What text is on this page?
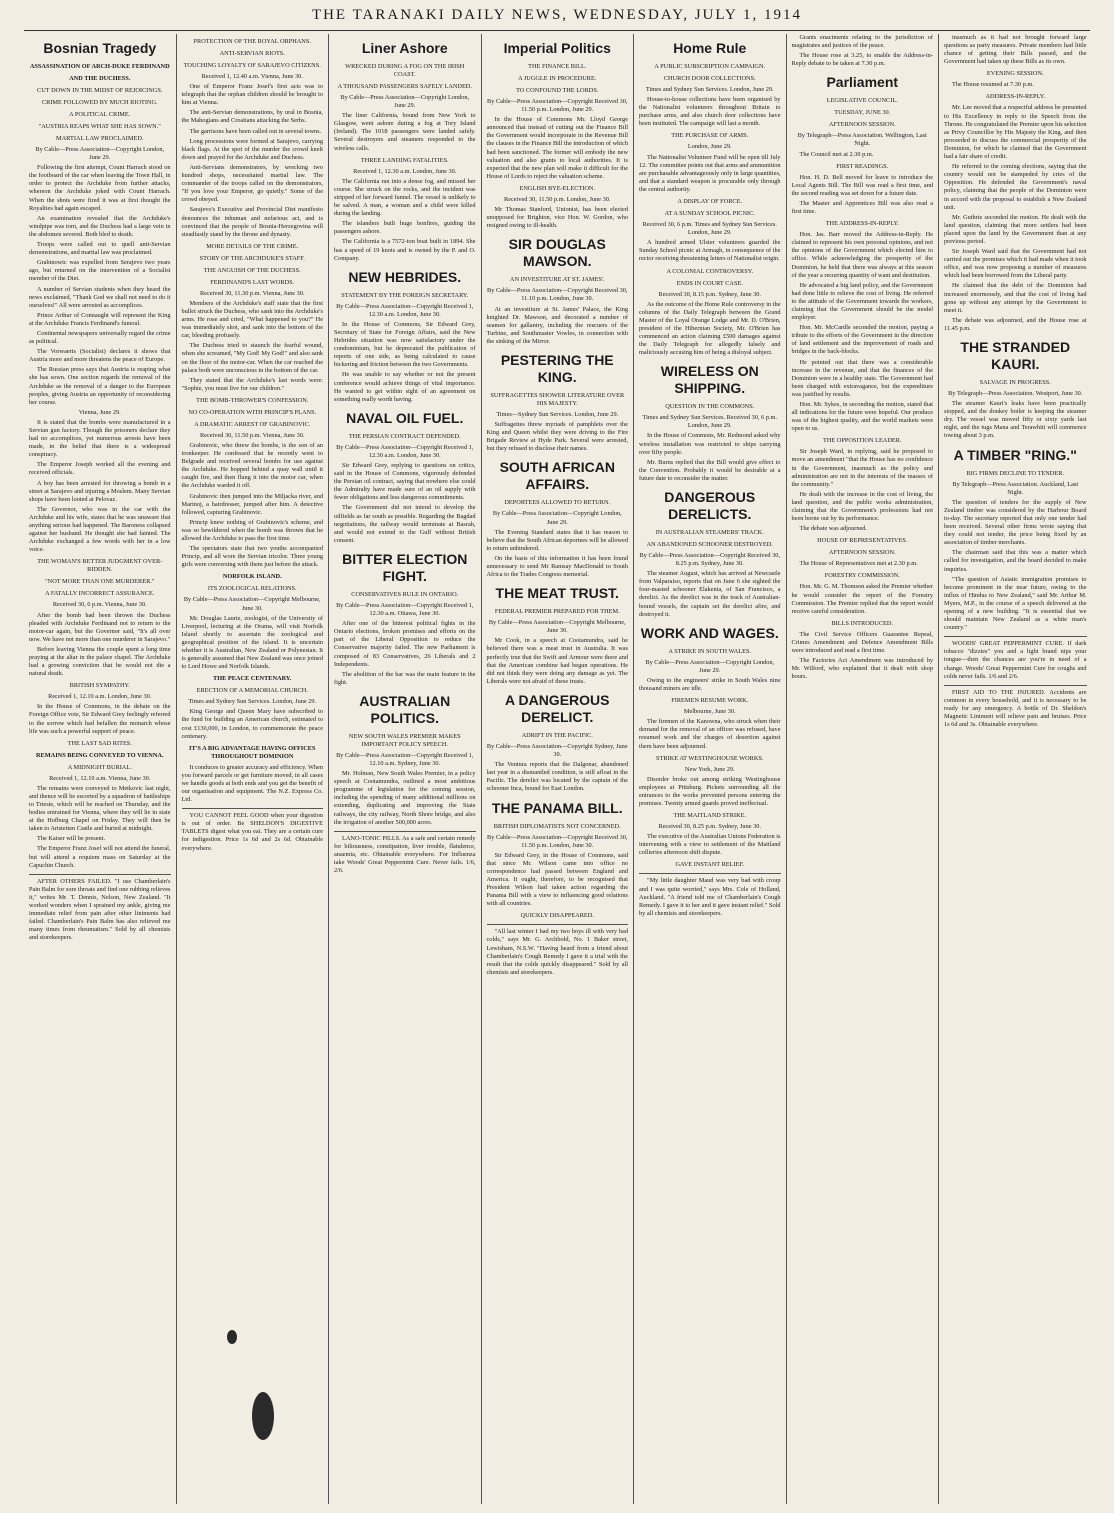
THE TARANAKI DAILY NEWS, WEDNESDAY, JULY 1, 1914
Bosnian Tragedy
ASSASSINATION OF ARCH-DUKE FERDINAND
AND THE DUCHESS.
CUT DOWN IN THE MIDST OF REJOICINGS.
CRIME FOLLOWED BY MUCH RIOTING.
A POLITICAL CRIME.
"AUSTRIA REAPS WHAT SHE HAS SOWN."
MARTIAL LAW PROCLAIMED.
By Cable—Press Association—Copyright London, June 29.

Following the first attempt, Count Harrach stood on the footboard of the car when leaving the Town Hall, in order to protect the Archduke from further attacks, whereon the Archduke joked with Count Harrach. When the shots were fired it was at first thought the Royalties had again escaped.

An examination revealed that the Archduke's windpipe was torn, and the Duchess had a large vein in the abdomen severed. Both bled to death.

Troops were called out to quell anti-Servian demonstrations, and martial law was proclaimed.

Grabinowic was expelled from Serajevo two years ago, but returned on the intervention of a Socialist member of the Diet.

A number of Servian students when they heard the news exclaimed, "Thank God we shall not need to do it ourselves!" All were arrested as accomplices.

Prince Arthur of Connaught will represent the King at the Archduke Francis Ferdinand's funeral.

Continental newspapers universally regard the crime as political.

The Vorwaerts (Socialist) declares it shows that Austria more and more threatens the peace of Europe.

The Russian press says that Austria is reaping what she has sown. One section regards the removal of the Archduke as the removal of a danger to the European peoples, giving Austria an opportunity of reconsidering her course.

Vienna, June 29.

It is stated that the bombs were manufactured in a Servian gun factory. Though the prisoners declare they had no accomplices, yet numerous arrests have been made, in the belief that there is a widespread conspiracy.

The Emperor Joseph worked all the evening and received officials.

A boy has been arrested for throwing a bomb in a street at Sarajevo and injuring a Moslem. Many Servian shops have been looted at Pelovaz.

The Governor, who was in the car with the Archduke and his wife, states that he was unaware that anything serious had happened. The Baroness collapsed against her husband. He thought she had fainted. The Archduke exchanged a few words with her in a low voice.

THE WOMAN'S BETTER JUDGMENT OVER-RIDDEN.
"NOT MORE THAN ONE MURDERER."
A FATALLY INCORRECT ASSURANCE.
Received 30, 6 p.m. Vienna, June 30.

After the bomb had been thrown the Duchess pleaded with Archduke Ferdinand not to return to the motor-car again, but the Governor said, "It's all over now. We have not more than one murderer in Sarajevo."

Before leaving Vienna the couple spent a long time praying at the altar in the palace chapel. The Archduke had a growing conviction that he would not die a natural death.

BRITISH SYMPATHY.
Received 1, 12.10 a.m. London, June 30.

In the House of Commons, in the debate on the Foreign Office vote, Sir Edward Grey feelingly referred to the sorrow which had befallen the monarch whose life was such a powerful support of peace.

THE LAST SAD RITES.
REMAINS BEING CONVEYED TO VIENNA.
A MIDNIGHT BURIAL.
Received 1, 12.10 a.m. Vienna, June 30.

The remains were conveyed to Metkovic last night, and thence will be escorted by a squadron of battleships to Trieste, which will be reached on Thursday, and the bodies entrained for Vienna, where they will lie in state at the Hofburg Chapel on Friday. They will then be taken to Artstetten Castle and buried at midnight.

The Kaiser will be present.

The Emperor Franz Josef will not attend the funeral, but will attend a requiem mass on Saturday at the Capuchin Church.

AFTER OTHERS FAILED. "I use Chamberlain's Pain Balm for sore throats and find one rubbing relieves it," writes Mr. T. Dennis, Nelson, New Zealand. "It worked wonders when I sprained my ankle, giving me immediate relief from pain after other liniments had failed. Chamberlain's Pain Balm has also relieved me many times from rheumatism." Sold by all chemists and storekeepers.

PROTECTION OF THE ROYAL ORPHANS.
ANTI-SERVIAN RIOTS.
TOUCHING LOYALTY OF SARAJEVO CITIZENS.
Received 1, 12.40 a.m. Vienna, June 30.

One of Emperor Franz Josef's first acts was to telegraph that the orphan children should be brought to him at Vienna.

The anti-Servian demonstrations, by ural in Bosnia, the Mahogians and Croatians attacking the Serbs.

The garrisons have been called out in several towns.

Long processions were formed at Sarajevo, carrying black flags. At the spot of the murder the crowd knelt down and prayed for the Archduke and Duchess.

Anti-Servians demonstrators, by wrecking two hundred shops, necessitated martial law. The commander of the troops called on the demonstrators, "If you love your Emperor, go quietly." Some of the crowd obeyed.

Sarajevo's Executive and Provincial Diet manifesto denounces the inhuman and nefarious act, and is convinced that the people of Bosnia-Herzegovina will steadfastly stand by the throne and dynasty.

MORE DETAILS OF THE CRIME.
STORY OF THE ARCHDUKE'S STAFF.
THE ANGUISH OF THE DUCHESS.
FERDINAND'S LAST WORDS.
Received 30, 11.30 p.m. Vienna, June 30.

Members of the Archduke's staff state that the first bullet struck the Duchess, who sank into the Archduke's arms. He rose and cried, "What happened to you?" He was immediately shot, and sank into the bottom of the car, bleeding profusely.

The Duchess tried to staunch the fearful wound, when she screamed, "My God! My God!" and also sank on the floor of the motor-car. When the car reached the palace both were unconscious in the bottom of the car.

They stated that the Archduke's last words were: "Sophie, you must live for our children."

THE BOMB-THROWER'S CONFESSION.
NO CO-OPERATION WITH PRINCIP'S PLANS.
A DRAMATIC ARREST OF GRABINOVIC.
Received 30, 11.50 p.m. Vienna, June 30.

Grabinovic, who threw the bombs, is the son of an ironkeeper. He confessed that he recently went to Belgrade and received several bombs for use against the Archduke. He hopped behind a quay wall until it caught fire, and then flung it into the motor car, when the Archduke warded it off.

Grabinovic then jumped into the Miljacka river, and Marinoj, a hairdresser, jumped after him. A detective followed, capturing Grabinovic.

Princip knew nothing of Grabinovic's scheme, and was so bewildered when the bomb was thrown that he allowed the Archduke to pass the first time.

The spectators state that two youths accompanied Princip, and all wore the Servian tricolor. Three young girls were conversing with them just before the attack.

NORFOLK ISLAND.
ITS ZOOLOGICAL RELATIONS.
By Cable—Press Association—Copyright Melbourne, June 30.

Mr. Douglas Laurie, zoologist, of the University of Liverpool, lecturing at the Orama, will visit Norfolk Island shortly to ascertain the zoological and geographical position of the island. It is uncertain whether it is Australian, New Zealand or Polynesian. It is generally assumed that New Zealand was once joined to Lord Howe and Norfolk Islands.

THE PEACE CENTENARY.
ERECTION OF A MEMORIAL CHURCH.
Times and Sydney Sun Services. London, June 29.

King George and Queen Mary have subscribed to the fund for building an American church, estimated to cost £130,000, in London, to commemorate the peace centenary.

IT'S A BIG ADVANTAGE HAVING OFFICES THROUGHOUT DOMINION

It conduces to greater accuracy and efficiency. When you forward parcels or get furniture moved, in all cases we handle goods at both ends and you get the benefit of our organisation and equipment. The N.Z. Express Co. Ltd.

YOU CANNOT FEEL GOOD when your digestion is out of order. Be SHELDON'S DIGESTIVE TABLETS digest what you eat. They are a certain cure for indigestion. Price 1s 6d and 2s 6d. Obtainable everywhere.

Liner Ashore
WRECKED DURING A FOG ON THE IRISH COAST.
A THOUSAND PASSENGERS SAFELY LANDED.
By Cable—Press Association—Copyright London, June 29.

The liner California, bound from New York to Glasgow, went ashore during a fog at Tory Island (Ireland). The 1018 passengers were landed safely. Several destroyers and steamers responded to the wireless calls.

THREE LANDING FATALITIES.
Received 1, 12.30 a.m. London, June 30.

The California ran into a dense fog, and missed her course. She struck on the rocks, and the incident was stripped of her forward funnel. The vessel is unlikely to be salved. A man, a woman and a child were killed during the landing.

The islanders built huge bonfires, guiding the passengers ashore.

The California is a 7572-ton boat built in 1894. She has a speed of 19 knots and is owned by the P. and O. Company.

NEW HEBRIDES.
STATEMENT BY THE FOREIGN SECRETARY.
By Cable—Press Association—Copyright Received 1, 12.30 a.m. London, June 30.

In the House of Commons, Sir Edward Grey, Secretary of State for Foreign Affairs, said the New Hebrides situation was now satisfactory under the condominium, but he deprecated the publication of reports of one side, as being calculated to cause bickering and friction between the two Governments.

He was unable to say whether or not the present conference would achieve things of vital importance. He wanted to get within sight of an agreement on something really worth having.

NAVAL OIL FUEL.
THE PERSIAN CONTRACT DEFENDED.
By Cable—Press Association—Copyright Received 1, 12.30 a.m. London, June 30.

Sir Edward Grey, replying to questions on critics, said in the House of Commons, vigorously defended the Persian oil contract, saying that nowhere else could the Admiralty have made sure of an oil supply with fewer obligations and less dangerous commitments.

The Government did not intend to develop the oilfields as far south as possible. Regarding the Bagdad negotiations, the railway would terminate at Basrah, and would not extend to the Gulf without British consent.

BITTER ELECTION FIGHT.
CONSERVATIVES RULE IN ONTARIO.
By Cable—Press Association—Copyright Received 1, 12.30 a.m. Ottawa, June 30.

After one of the bitterest political fights in the Ontario elections, broken promises and efforts on the part of the Liberal Opposition to reduce the Conservative majority failed. The new Parliament is composed of 83 Conservatives, 26 Liberals and 2 Independents.

The abolition of the bar was the main feature in the fight.

AUSTRALIAN POLITICS.
NEW SOUTH WALES PREMIER MAKES IMPORTANT POLICY SPEECH.
By Cable—Press Association—Copyright Received 1, 12.10 a.m. Sydney, June 30.

Mr. Holman, New South Wales Premier, in a policy speech at Cootamundra, outlined a most ambitious programme of legislation for the coming session, including the spending of many additional millions on extending, duplicating and improving the State railways, the city railway, North Shore bridge, and also the irrigation of another 500,000 acres.

LANO-TONIC PILLS. As a safe and certain remedy for biliousness, constipation, liver trouble, flatulence, anaemia, etc. Obtainable everywhere. For Influenza take Woods' Great Peppermint Cure. Never fails. 1/6, 2/6.

Imperial Politics
THE FINANCE BILL.
A JUGGLE IN PROCEDURE.
TO CONFOUND THE LORDS.
By Cable—Press Association—Copyright Received 30, 11.50 p.m. London, June 29.

In the House of Commons Mr. Lloyd George announced that instead of cutting out the Finance Bill the Government would incorporate in the Revenue Bill the clauses in the Finance Bill the introduction of which had been sanctioned. The former will embody the new valuation and also grants to local authorities. It is expected that the new plan will make it difficult for the House of Lords to reject the valuation scheme.

ENGLISH BYE-ELECTION.
Received 30, 11.50 p.m. London, June 30.

Mr Thomas Stanford, Unionist, has been elected unopposed for Brighton, vice Hon. W. Gordon, who resigned owing to ill-health.

SIR DOUGLAS MAWSON.
AN INVESTITURE AT ST. JAMES'.
By Cable—Press Association—Copyright Received 30, 11.10 p.m. London, June 30.

At an investiture at St. James' Palace, the King knighted Dr. Mawson, and decorated a number of seamen for gallantry, including the rescuers of the Turbine, and Southmaster Vowles, in connection with the sinking of the Mirror.

PESTERING THE KING.
SUFFRAGETTES SHOWER LITERATURE OVER HIS MAJESTY.
Times—Sydney Sun Services. London, June 29.

Suffragettes threw myriads of pamphlets over the King and Queen whilst they were driving to the Fire Brigade Review at Hyde Park. Several were arrested, but they refused to disclose their names.

SOUTH AFRICAN AFFAIRS.
DEPORTEES ALLOWED TO RETURN.
By Cable—Press Association—Copyright London, June 29.

The Evening Standard states that it has reason to believe that the South African deportees will be allowed to return unhindered.

On the basis of this information it has been found unnecessary to send Mr Ramsay MacDonald to South Africa to the Trades Congress memorial.

THE MEAT TRUST.
FEDERAL PREMIER PREPARED FOR THEM.
By Cable—Press Association—Copyright Melbourne, June 30.

Mr Cook, in a speech at Cootamundra, said he believed there was a meat trust in Australia. It was perfectly true that the Swift and Armour were there and that the American combine had begun operations. He did not think they were doing any damage as yet. The Liberals were not afraid of these trusts.

A DANGEROUS DERELICT.
ADRIFT IN THE PACIFIC.
By Cable—Press Association—Copyright Sydney, June 30.

The Ventura reports that the Dalgonar, abandoned last year in a dismantled condition, is still afloat in the Pacific. The derelict was located by the captain of the schooner Inca, bound for East London.

THE PANAMA BILL.
BRITISH DIPLOMATISTS NOT CONCERNED.
By Cable—Press Association—Copyright Received 30, 11.50 p.m. London, June 30.

Sir Edward Grey, in the House of Commons, said that since Mr. Wilson came into office no correspondence had passed between England and America. It ought, therefore, to be recognised that President Wilson had taken action regarding the Panama Bill with a view to influencing good relations with all countries.

QUICKLY DISAPPEARED.

"All last winter I had my two boys ill with very bad colds," says Mr. G. Archbold, No. 1 Baker street, Lewisham, N.S.W. "Having heard from a friend about Chamberlain's Cough Remedy I gave it a trial with the result that the colds quickly disappeared." Sold by all chemists and storekeepers.

Home Rule
A PUBLIC SUBSCRIPTION CAMPAIGN.
CHURCH DOOR COLLECTIONS.
Times and Sydney Sun Services. London, June 29.

House-to-house collections have been organised by the Nationalist volunteers throughout Britain to purchase arms, and also church door collections have been instituted. The campaign will last a month.

THE PURCHASE OF ARMS.
London, June 29.

The Nationalist Volunteer Fund will be open till July 12. The committee points out that arms and ammunition are purchasable advantageously only in large quantities, and that a standard weapon is procurable only through the central authority.

A DISPLAY OF FORCE.
AT A SUNDAY SCHOOL PICNIC.
Received 30, 6 p.m. Times and Sydney Sun Services. London, June 29.

A hundred armed Ulster volunteers guarded the Sunday School picnic at Armagh, in consequence of the rector receiving threatening letters of Nationalist origin.

A COLONIAL CONTROVERSY.
ENDS IN COURT CASE.
Received 30, 8.15 p.m. Sydney, June 30.

As the outcome of the Home Rule controversy in the columns of the Daily Telegraph between the Grand Master of the Loyal Orange Lodge and Mr. D. O'Brien, president of the Hibernian Society, Mr. O'Brien has commenced an action claiming £500 damages against the Daily Telegraph for allegedly falsely and maliciously accusing him of being a disloyal subject.

WIRELESS ON SHIPPING.
QUESTION IN THE COMMONS.
Times and Sydney Sun Services. Received 30, 6 p.m. London, June 29.

In the House of Commons, Mr. Redmond asked why wireless installation was restricted to ships carrying over fifty people.

Mr. Burns replied that the Bill would give effect to the Convention. Probably it would be desirable at a future date to reconsider the matter.

DANGEROUS DERELICTS.
IN AUSTRALIAN STEAMERS' TRACK.
AN ABANDONED SCHOONER DESTROYED.
By Cable—Press Association—Copyright Received 30, 8.25 p.m. Sydney, June 30.

The steamer August, which has arrived at Newcastle from Valparaiso, reports that on June 6 she sighted the four-masted schooner Elakenia, of San Francisco, a derelict. As the derelict was in the track of Australian-bound vessels, the captain set the derelict afire, and destroyed it.

WORK AND WAGES.
A STRIKE IN SOUTH WALES.
By Cable—Press Association—Copyright London, June 29.

Owing to the engineers' strike in South Wales nine thousand miners are idle.

FIREMEN RESUME WORK.
Melbourne, June 30.

The firemen of the Kanowna, who struck when their demand for the removal of an officer was refused, have resumed work and the charges of desertion against them have been adjourned.

STRIKE AT WESTINGHOUSE WORKS.
New York, June 29.

Disorder broke out among striking Westinghouse employees at Pittsburg. Pickets surrounding all the entrances to the works prevented persons entering the premises. Twenty armed guards proved ineffectual.

THE MAITLAND STRIKE.
Received 30, 8.25 p.m. Sydney, June 30.

The executive of the Australian Unions Federation is intervening with a view to settlement of the Maitland collieries afternoon shift dispute.

GAVE INSTANT RELIEF.

"My little daughter Maud was very bad with croup and I was quite worried," says Mrs. Cole of Holland, Auckland. "A friend told me of Chamberlain's Cough Remedy. I gave it to her and it gave instant relief." Sold by all chemists and storekeepers.

Grants enactments relating to the jurisdiction of magistrates and justices of the peace.

The House rose at 3.25, to enable the Address-in-Reply debate to be taken at 7.30 p.m.

Parliament
LEGISLATIVE COUNCIL.
TUESDAY, JUNE 30.
AFTERNOON SESSION.
By Telegraph—Press Association. Wellington, Last Night.

The Council met at 2.30 p.m.

FIRST READINGS.

Hon. H. D. Bell moved for leave to introduce the Local Agents Bill. The Bill was read a first time, and the second reading was set down for a future date.

The Master and Apprentices Bill was also read a first time.

THE ADDRESS-IN-REPLY.

Hon. Jas. Barr moved the Address-in-Reply. He claimed to represent his own personal opinions, and not the opinions of the Government which elected him to office. While acknowledging the prosperity of the Dominion, he held that there was always at this season of the year a recurring quantity of want and destitution.

He advocated a big land policy, and the Government had done little to relieve the cost of living. He referred to the attitude of the Government towards the workers, claiming that the Government should be the model employer.

Hon. Mr. McCardle seconded the motion, paying a tribute to the efforts of the Government in the direction of land settlement and the improvement of roads and bridges in the back-blocks.

He pointed out that there was a considerable increase in the revenue, and that the finances of the Dominion were in a healthy state. The Government had been charged with extravagance, but the expenditure was justified by results.

Hon. Mr. Sykes, in seconding the motion, stated that all indications for the future were hopeful. Our produce was of the highest quality, and the world markets were open to us.

THE OPPOSITION LEADER.

Sir Joseph Ward, in replying, said he proposed to move an amendment "that the House has no confidence in the Government, inasmuch as the policy and administration are not in the interests of the masses of the community."

He dealt with the increase in the cost of living, the land question, and the public works administration, claiming that the Government's professions had not been borne out by its performance.

The debate was adjourned.

HOUSE OF REPRESENTATIVES.
AFTERNOON SESSION.

The House of Representatives met at 2.30 p.m.

FORESTRY COMMISSION.

Hon. Mr. G. M. Thomson asked the Premier whether he would consider the report of the Forestry Commission. The Premier replied that the report would receive careful consideration.

BILLS INTRODUCED.

The Civil Service Officers Guarantee Repeal, Crimes Amendment and Defence Amendment Bills were introduced and read a first time.

The Factories Act Amendment was introduced by Mr. Wilford, who explained that it dealt with shop hours.

inasmuch as it had not brought forward large questions as party measures. Private members had little chance of getting their Bills passed, and the Government had taken up these Bills as its own.

EVENING SESSION.

The House resumed at 7.30 p.m.

ADDRESS-IN-REPLY.

Mr. Lee moved that a respectful address be presented to His Excellency in reply to the Speech from the Throne. He congratulated the Premier upon his selection as Privy Councillor by His Majesty the King, and then proceeded to discuss the commercial prosperity of the Dominion, for which he claimed that the Government had a fair share of credit.

He referred to the coming elections, saying that the country would not be stampeded by cries of the Opposition. He defended the Government's naval policy, claiming that the people of the Dominion were in accord with the proposal to establish a New Zealand unit.

Mr. Guthrie seconded the motion. He dealt with the land question, claiming that more settlers had been placed upon the land by the Government than at any previous period.

Sir Joseph Ward said that the Government had not carried out the promises which it had made when it took office, and was now proposing a number of measures which had been borrowed from the Liberal party.

He claimed that the debt of the Dominion had increased enormously, and that the cost of living had gone up without any attempt by the Government to meet it.

The debate was adjourned, and the House rose at 11.45 p.m.

THE STRANDED KAURI.
SALVAGE IN PROGRESS.
By Telegraph—Press Association. Westport, June 30.

The steamer Kauri's leaks have been practically stopped, and the donkey boiler is keeping the steamer dry. The vessel was moved fifty or sixty yards last night, and the tugs Mana and Terawhiti will commence towing about 3 p.m.

A TIMBER "RING."
BIG FIRMS DECLINE TO TENDER.
By Telegraph—Press Association. Auckland, Last Night.

The question of tenders for the supply of New Zealand timber was considered by the Harbour Board to-day. The secretary reported that only one tender had been received. Several other firms wrote saying that they could not tender, the price being fixed by an association of timber merchants.

The chairman said that this was a matter which called for investigation, and the board decided to make inquiries.

"The question of Asiatic immigration promises to become prominent in the near future, owing to the influx of Hindus to New Zealand," said Mr. Arthur M. Myers, M.P., in the course of a speech delivered at the opening of a new building. "It is essential that we should maintain New Zealand as a white man's country."

WOODS' GREAT PEPPERMINT CURE. If dark tobacco "dizzies" you and a light brand nips your tongue—then the chances are you're in need of a change. Woods' Great Peppermint Cure for coughs and colds never fails. 1/6 and 2/6.

FIRST AID TO THE INJURED. Accidents are common in every household, and it is necessary to be ready for any emergency. A bottle of Dr. Sheldon's Magnetic Liniment will relieve pain and bruises. Price 1s 6d and 3s. Obtainable everywhere.
